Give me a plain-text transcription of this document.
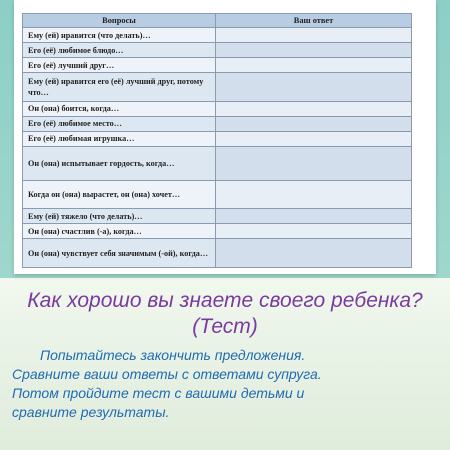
Вопросы	Ваш ответ
Ему (ей) нравится (что делать)…	
Его (её) любимое блюдо…	
Его (её) лучший друг…	
Ему (ей) нравится его (её) лучший друг, потому что…	
Он (она) боится, когда…	
Его (её) любимое место…	
Его (её) любимая игрушка…	
Он (она) испытывает гордость, когда…	
Когда он (она) вырастет, он (она) хочет…	
Ему (ей) тяжело (что делать)…	
Он (она) счастлив (-а), когда…	
Он (она) чувствует себя значимым (-ой), когда…	
Как хорошо вы знаете своего ребенка?
(Тест)
Попытайтесь закончить предложения.
Сравните ваши ответы с ответами супруга.
Потом пройдите тест с вашими детьми и
сравните результаты.
